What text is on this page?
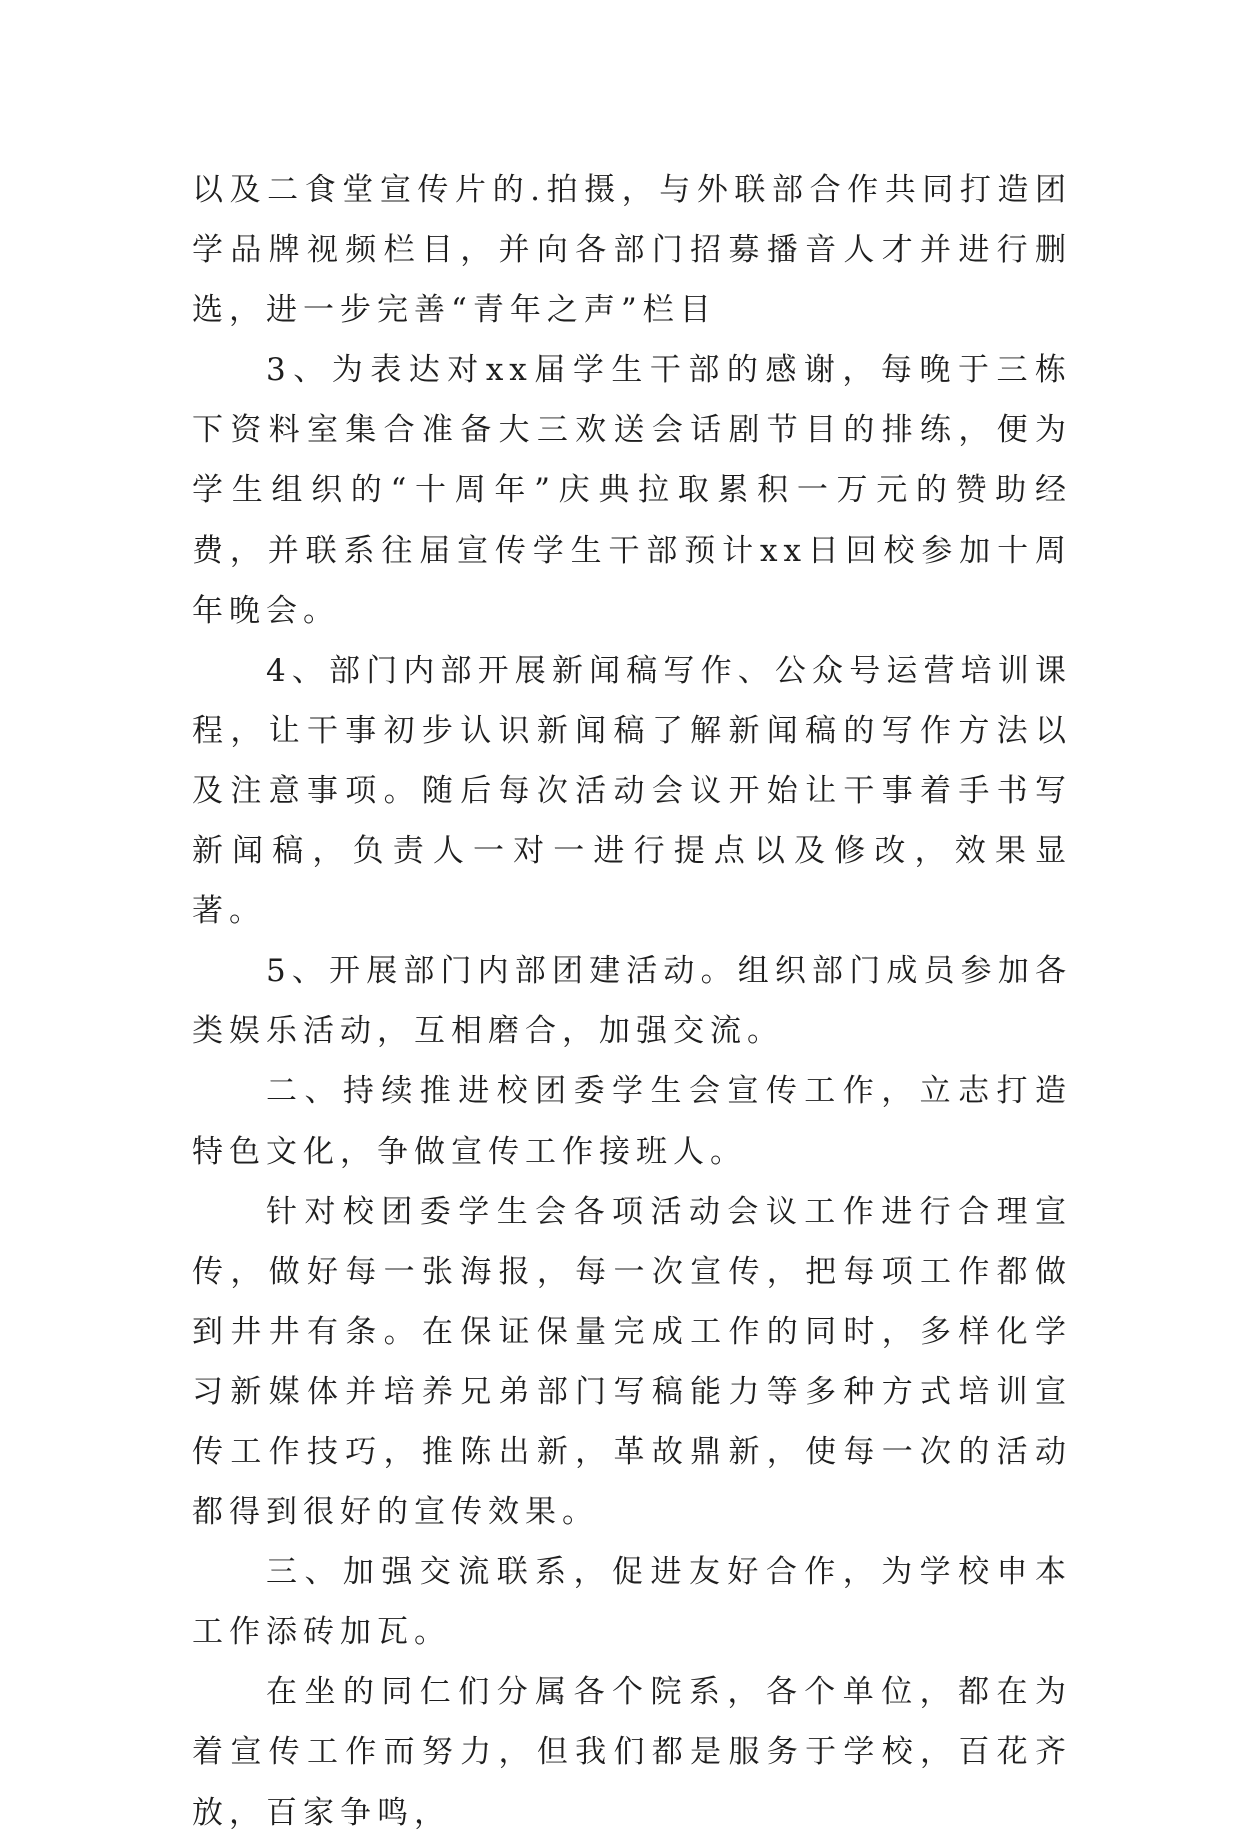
以及二食堂宣传片的.拍摄，与外联部合作共同打造团学品牌视频栏目，并向各部门招募播音人才并进行删选，进一步完善“青年之声”栏目

3、为表达对xx届学生干部的感谢，每晚于三栋下资料室集合准备大三欢送会话剧节目的排练，便为学生组织的“十周年”庆典拉取累积一万元的赞助经费，并联系往届宣传学生干部预计xx日回校参加十周年晚会。

4、部门内部开展新闻稿写作、公众号运营培训课程，让干事初步认识新闻稿了解新闻稿的写作方法以及注意事项。随后每次活动会议开始让干事着手书写新闻稿，负责人一对一进行提点以及修改，效果显著。

5、开展部门内部团建活动。组织部门成员参加各类娱乐活动，互相磨合，加强交流。

二、持续推进校团委学生会宣传工作，立志打造特色文化，争做宣传工作接班人。

针对校团委学生会各项活动会议工作进行合理宣传，做好每一张海报，每一次宣传，把每项工作都做到井井有条。在保证保量完成工作的同时，多样化学习新媒体并培养兄弟部门写稿能力等多种方式培训宣传工作技巧，推陈出新，革故鼎新，使每一次的活动都得到很好的宣传效果。

三、加强交流联系，促进友好合作，为学校申本工作添砖加瓦。

在坐的同仁们分属各个院系，各个单位，都在为着宣传工作而努力，但我们都是服务于学校，百花齐放，百家争鸣，
